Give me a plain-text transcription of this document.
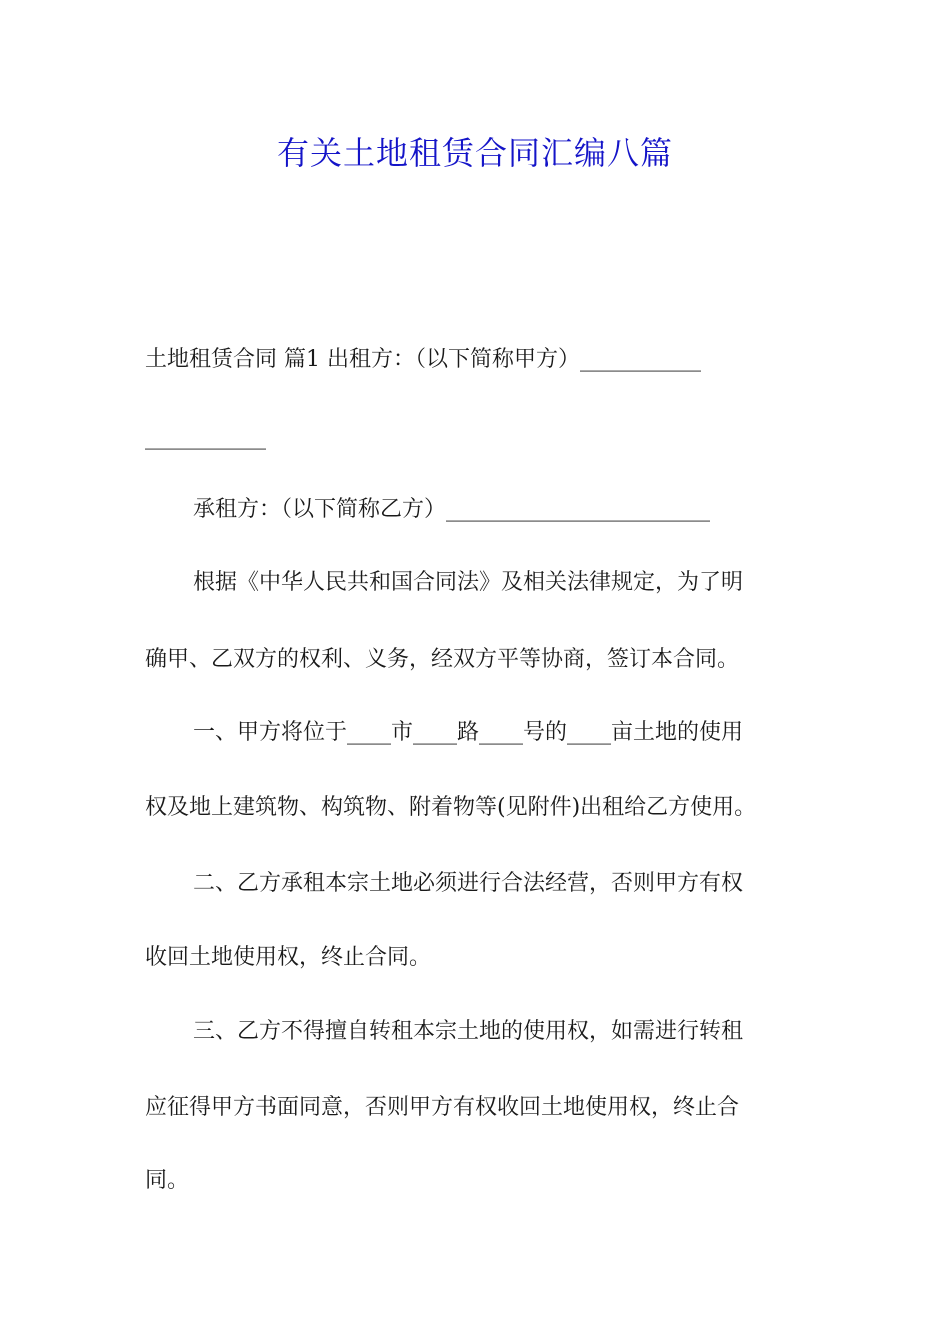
有关土地租赁合同汇编八篇

土地租赁合同 篇1 出租方：（以下简称甲方）___________

___________

承租方：（以下简称乙方）________________________

根据《中华人民共和国合同法》及相关法律规定，为了明

确甲、乙双方的权利、义务，经双方平等协商，签订本合同。

一、甲方将位于____市____路____号的____亩土地的使用

权及地上建筑物、构筑物、附着物等(见附件)出租给乙方使用。

二、乙方承租本宗土地必须进行合法经营，否则甲方有权

收回土地使用权，终止合同。

三、乙方不得擅自转租本宗土地的使用权，如需进行转租

应征得甲方书面同意，否则甲方有权收回土地使用权，终止合

同。
